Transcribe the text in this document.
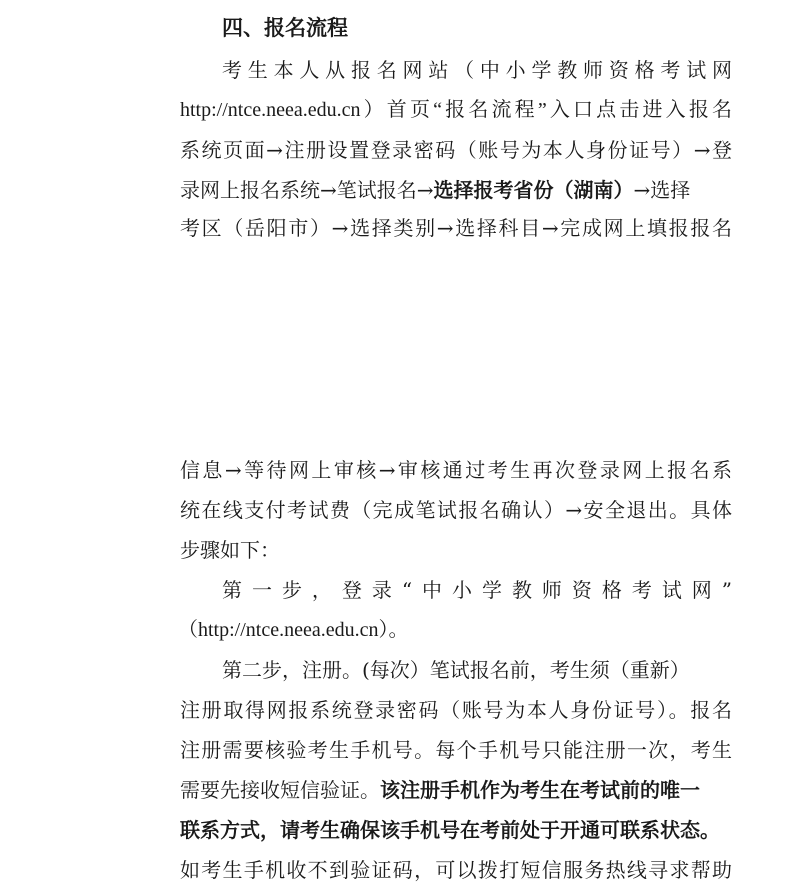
四、报名流程
考生本人从报名网站（中小学教师资格考试网
http://ntce.neea.edu.cn）首页“报名流程”入口点击进入报名
系统页面→注册设置登录密码（账号为本人身份证号）→登
录网上报名系统→笔试报名→选择报考省份（湖南）→选择
考区（岳阳市）→选择类别→选择科目→完成网上填报报名
信息→等待网上审核→审核通过考生再次登录网上报名系
统在线支付考试费（完成笔试报名确认）→安全退出。具体
步骤如下：
第一步，登录“中小学教师资格考试网”
（http://ntce.neea.edu.cn）。
第二步，注册。(每次）笔试报名前，考生须（重新）
注册取得网报系统登录密码（账号为本人身份证号）。报名
注册需要核验考生手机号。每个手机号只能注册一次，考生
需要先接收短信验证。该注册手机作为考生在考试前的唯一
联系方式，请考生确保该手机号在考前处于开通可联系状态。
如考生手机收不到验证码，可以拨打短信服务热线寻求帮助
